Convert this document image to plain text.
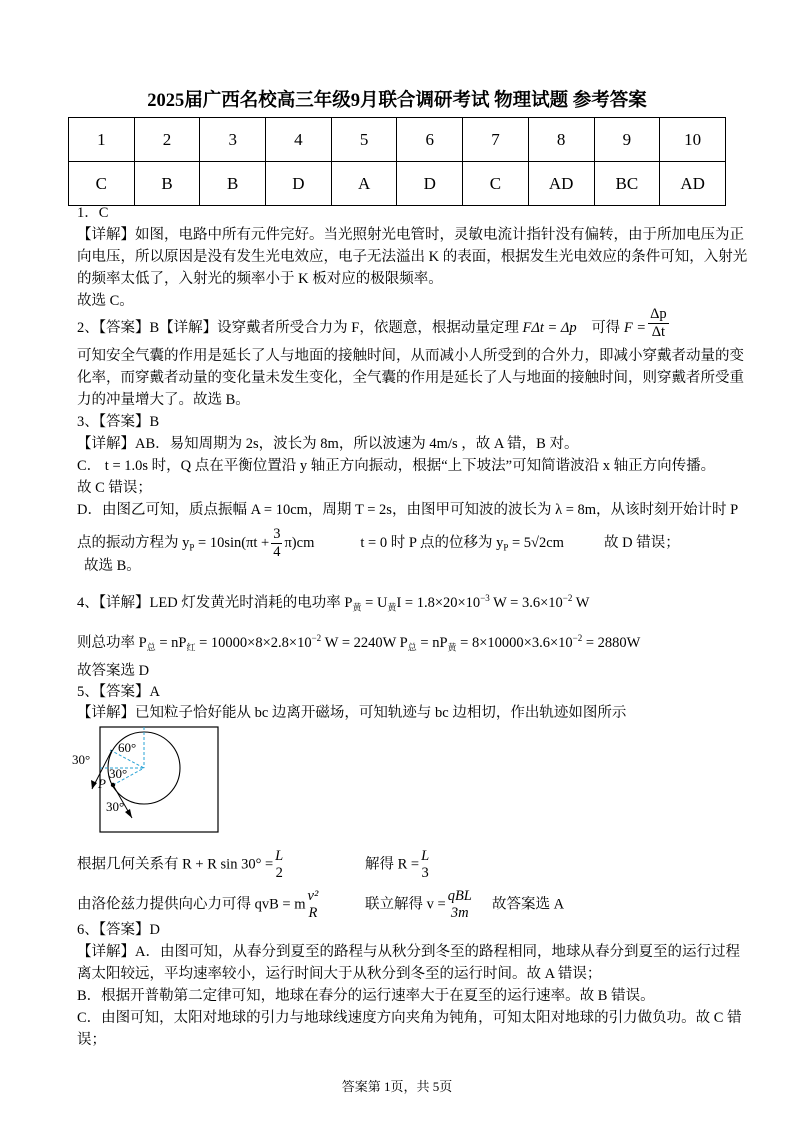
2025届广西名校高三年级9月联合调研考试 物理试题 参考答案
1	2	3	4	5	6	7	8	9	10
C	B	B	D	A	D	C	AD	BC	AD
1．C
【详解】如图，电路中所有元件完好。当光照射光电管时，灵敏电流计指针没有偏转，由于所加电压为正
向电压，所以原因是没有发生光电效应，电子无法溢出 K 的表面，根据发生光电效应的条件可知，入射光
的频率太低了，入射光的频率小于 K 板对应的极限频率。
故选 C。
2、【答案】B【详解】设穿戴者所受合力为 F，依题意，根据动量定理 FΔt = Δp 可得 $F = \frac{\Delta p}{\Delta t}$
可知安全气囊的作用是延长了人与地面的接触时间，从而减小人所受到的合外力，即减小穿戴者动量的变
化率，而穿戴者动量的变化量未发生变化，全气囊的作用是延长了人与地面的接触时间，则穿戴者所受重
力的冲量增大了。故选 B。
3、【答案】B
【详解】AB．易知周期为 2s，波长为 8m，所以波速为 4m/s ，故 A 错，B 对。
C． t = 1.0s 时，Q 点在平衡位置沿 y 轴正方向振动，根据“上下坡法”可知简谐波沿 x 轴正方向传播。
故 C 错误；
D．由图乙可知，质点振幅 A = 10cm，周期 T = 2s，由图甲可知波的波长为 λ = 8m，从该时刻开始计时 P
点的振动方程为 $y_P = 10\sin(\pi t + \frac{3}{4} \pi)cm$	t = 0 时 P 点的位移为 $y_P = 5√2cm$	故 D 错误；
故选 B。
4、【详解】LED 灯发黄光时消耗的电功率 $P_黄 = U_黄I = 1.8\times 20\times 10^{-3}$ $W = 3.6\times 10^{-2}$ W
则总功率 $P_总 = nP_红 = 10000\times 8\times 2.8\times 10^{-2}$ W = 2240W $P_总 = nP_黄 = 8\times 10000\times 3.6\times 10^{-2} = 2880W$
故答案选 D
5、【答案】A
【详解】已知粒子恰好能从 bc 边离开磁场，可知轨迹与 bc 边相切，作出轨迹如图所示
30°
60°
30°
P
30°
根据几何关系有 R + R sin 30° =
L
2
解得 R =
L
3
由洛伦兹力提供向心力可得 qvB = m
v²
R
联立解得 v =
qBL
3m
故答案选 A
6、【答案】D
【详解】A．由图可知，从春分到夏至的路程与从秋分到冬至的路程相同，地球从春分到夏至的运行过程
离太阳较远，平均速率较小，运行时间大于从秋分到冬至的运行时间。故 A 错误；
B．根据开普勒第二定律可知，地球在春分的运行速率大于在夏至的运行速率。故 B 错误。
C．由图可知，太阳对地球的引力与地球线速度方向夹角为钝角，可知太阳对地球的引力做负功。故 C 错
误；
答案第 1页，共 5页
